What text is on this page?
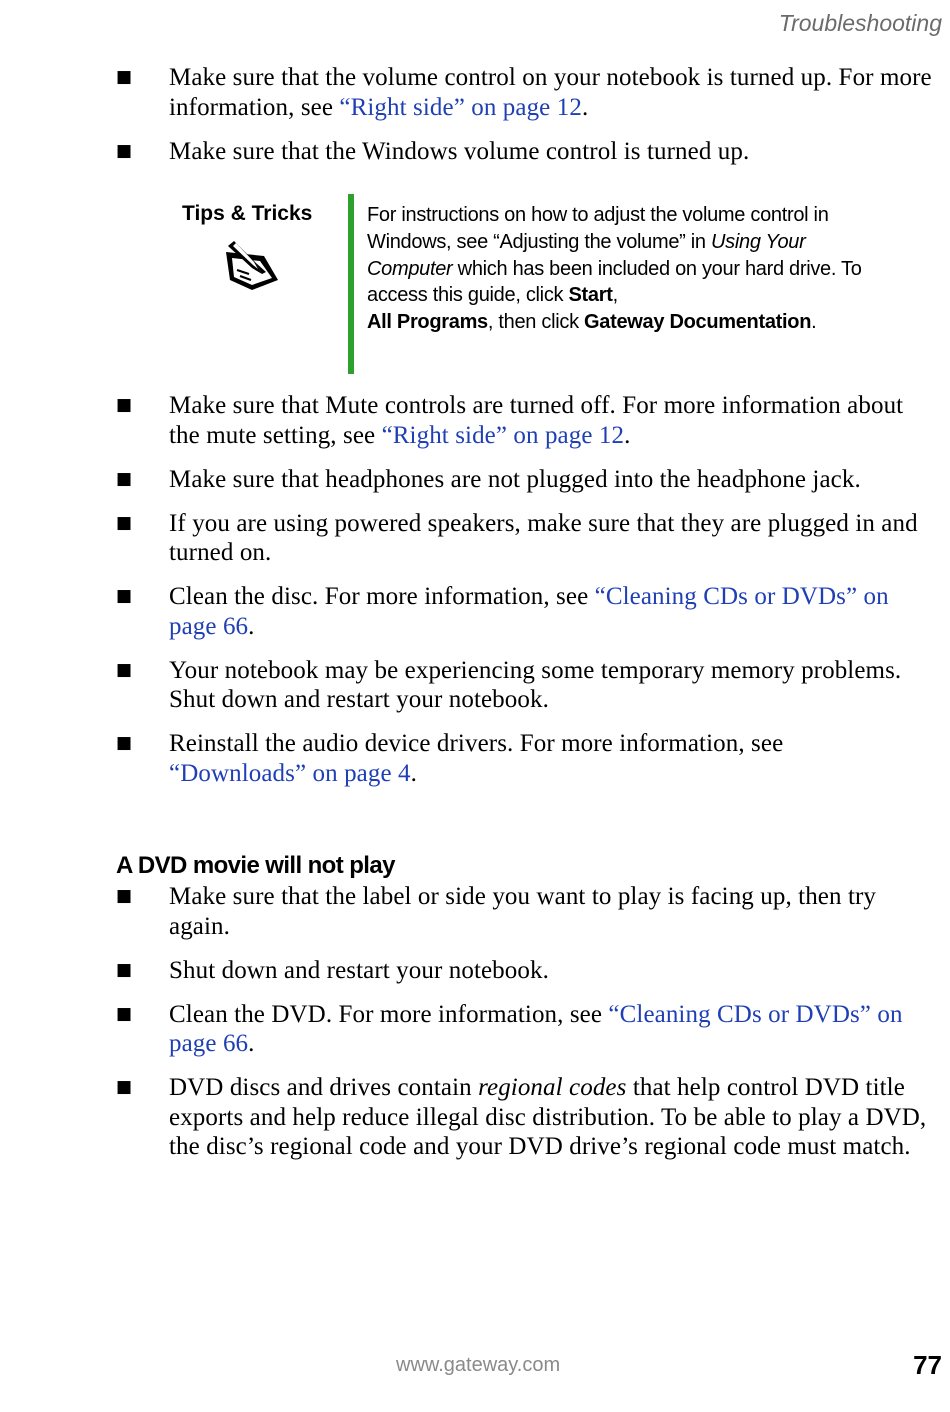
Troubleshooting
■ Make sure that the volume control on your notebook is turned up. For more information, see “Right side” on page 12.
■ Make sure that the Windows volume control is turned up.
Tips & Tricks	For instructions on how to adjust the volume control in Windows, see “Adjusting the volume” in Using Your Computer which has been included on your hard drive. To access this guide, click Start,
All Programs, then click Gateway Documentation.
■ Make sure that Mute controls are turned off. For more information about the mute setting, see “Right side” on page 12.
■ Make sure that headphones are not plugged into the headphone jack.
■ If you are using powered speakers, make sure that they are plugged in and turned on.
■ Clean the disc. For more information, see “Cleaning CDs or DVDs” on page 66.
■ Your notebook may be experiencing some temporary memory problems. Shut down and restart your notebook.
■ Reinstall the audio device drivers. For more information, see
“Downloads” on page 4.
A DVD movie will not play
■ Make sure that the label or side you want to play is facing up, then try again.
■ Shut down and restart your notebook.
■ Clean the DVD. For more information, see “Cleaning CDs or DVDs” on page 66.
■ DVD discs and drives contain regional codes that help control DVD title exports and help reduce illegal disc distribution. To be able to play a DVD, the disc’s regional code and your DVD drive’s regional code must match.
www.gateway.com	77
